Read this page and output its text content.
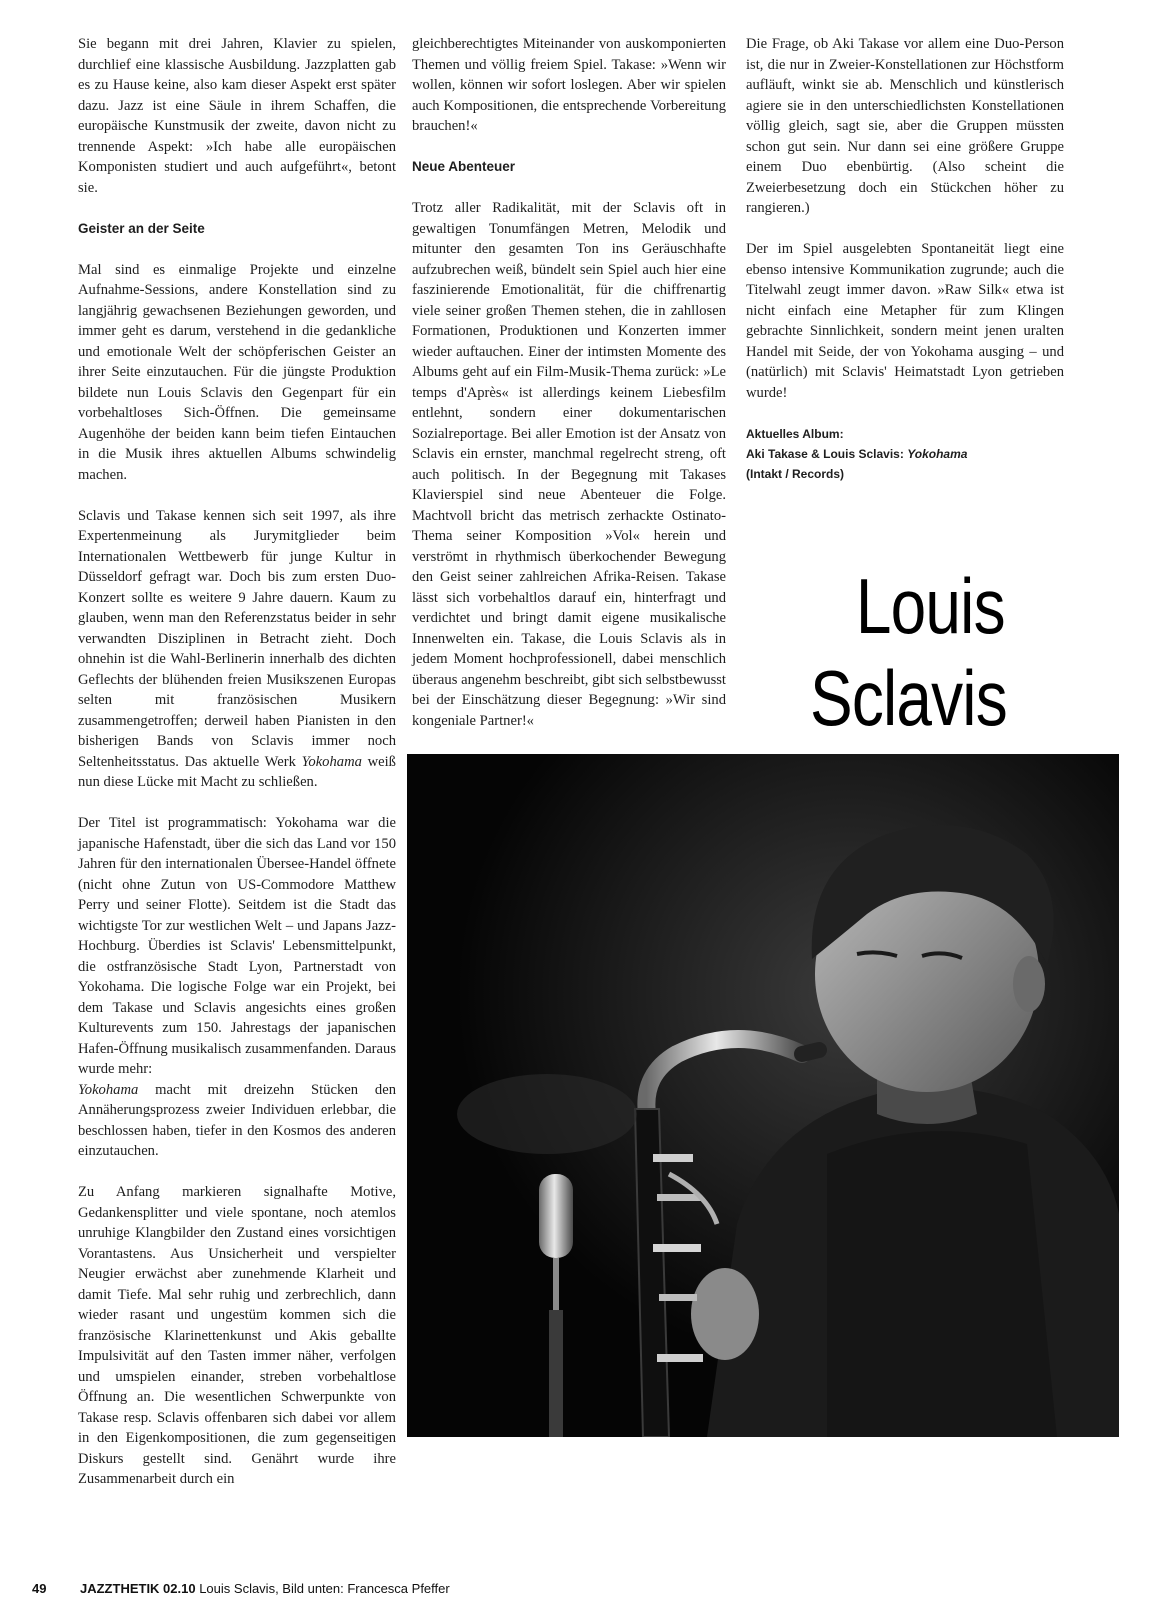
Sie begann mit drei Jahren, Klavier zu spielen, durchlief eine klassische Ausbildung. Jazzplatten gab es zu Hause keine, also kam dieser Aspekt erst später dazu. Jazz ist eine Säule in ihrem Schaffen, die europäische Kunstmusik der zweite, davon nicht zu trennende Aspekt: »Ich habe alle europäischen Komponisten studiert und auch aufgeführt«, betont sie.

Geister an der Seite

Mal sind es einmalige Projekte und einzelne Aufnahme-Sessions, andere Konstellation sind zu langjährig gewachsenen Beziehungen geworden, und immer geht es darum, verstehend in die gedankliche und emotionale Welt der schöpferischen Geister an ihrer Seite einzutauchen. Für die jüngste Produktion bildete nun Louis Sclavis den Gegenpart für ein vorbehaltloses Sich-Öffnen. Die gemeinsame Augenhöhe der beiden kann beim tiefen Eintauchen in die Musik ihres aktuellen Albums schwindelig machen.

Sclavis und Takase kennen sich seit 1997, als ihre Expertenmeinung als Jurymitglieder beim Internationalen Wettbewerb für junge Kultur in Düsseldorf gefragt war. Doch bis zum ersten Duo-Konzert sollte es weitere 9 Jahre dauern. Kaum zu glauben, wenn man den Referenzstatus beider in sehr verwandten Disziplinen in Betracht zieht. Doch ohnehin ist die Wahl-Berlinerin innerhalb des dichten Geflechts der blühenden freien Musikszenen Europas selten mit französischen Musikern zusammengetroffen; derweil haben Pianisten in den bisherigen Bands von Sclavis immer noch Seltenheitsstatus. Das aktuelle Werk Yokohama weiß nun diese Lücke mit Macht zu schließen.

Der Titel ist programmatisch: Yokohama war die japanische Hafenstadt, über die sich das Land vor 150 Jahren für den internationalen Übersee-Handel öffnete (nicht ohne Zutun von US-Commodore Matthew Perry und seiner Flotte). Seitdem ist die Stadt das wichtigste Tor zur westlichen Welt – und Japans Jazz-Hochburg. Überdies ist Sclavis' Lebensmittelpunkt, die ostfranzösische Stadt Lyon, Partnerstadt von Yokohama. Die logische Folge war ein Projekt, bei dem Takase und Sclavis angesichts eines großen Kulturevents zum 150. Jahrestags der japanischen Hafen-Öffnung musikalisch zusammenfanden. Daraus wurde mehr:
Yokohama macht mit dreizehn Stücken den Annäherungsprozess zweier Individuen erlebbar, die beschlossen haben, tiefer in den Kosmos des anderen einzutauchen.

Zu Anfang markieren signalhafte Motive, Gedankensplitter und viele spontane, noch atemlos unruhige Klangbilder den Zustand eines vorsichtigen Vorantastens. Aus Unsicherheit und verspielter Neugier erwächst aber zunehmende Klarheit und damit Tiefe. Mal sehr ruhig und zerbrechlich, dann wieder rasant und ungestüm kommen sich die französische Klarinettenkunst und Akis geballte Impulsivität auf den Tasten immer näher, verfolgen und umspielen einander, streben vorbehaltlose Öffnung an. Die wesentlichen Schwerpunkte von Takase resp. Sclavis offenbaren sich dabei vor allem in den Eigenkompositionen, die zum gegenseitigen Diskurs gestellt sind. Genährt wurde ihre Zusammenarbeit durch ein

gleichberechtigtes Miteinander von auskomponierten Themen und völlig freiem Spiel. Takase: »Wenn wir wollen, können wir sofort loslegen. Aber wir spielen auch Kompositionen, die entsprechende Vorbereitung brauchen!«

Neue Abenteuer

Trotz aller Radikalität, mit der Sclavis oft in gewaltigen Tonumfängen Metren, Melodik und mitunter den gesamten Ton ins Geräuschhafte aufzubrechen weiß, bündelt sein Spiel auch hier eine faszinierende Emotionalität, für die chiffrenartig viele seiner großen Themen stehen, die in zahllosen Formationen, Produktionen und Konzerten immer wieder auftauchen. Einer der intimsten Momente des Albums geht auf ein Film-Musik-Thema zurück: »Le temps d'Après« ist allerdings keinem Liebesfilm entlehnt, sondern einer dokumentarischen Sozialreportage. Bei aller Emotion ist der Ansatz von Sclavis ein ernster, manchmal regelrecht streng, oft auch politisch. In der Begegnung mit Takases Klavierspiel sind neue Abenteuer die Folge. Machtvoll bricht das metrisch zerhackte Ostinato-Thema seiner Komposition »Vol« herein und verströmt in rhythmisch überkochender Bewegung den Geist seiner zahlreichen Afrika-Reisen. Takase lässt sich vorbehaltlos darauf ein, hinterfragt und verdichtet und bringt damit eigene musikalische Innenwelten ein. Takase, die Louis Sclavis als in jedem Moment hochprofessionell, dabei menschlich überaus angenehm beschreibt, gibt sich selbstbewusst bei der Einschätzung dieser Begegnung: »Wir sind kongeniale Partner!«

Die Frage, ob Aki Takase vor allem eine Duo-Person ist, die nur in Zweier-Konstellationen zur Höchstform aufläuft, winkt sie ab. Menschlich und künstlerisch agiere sie in den unterschiedlichsten Konstellationen völlig gleich, sagt sie, aber die Gruppen müssten schon gut sein. Nur dann sei eine größere Gruppe einem Duo ebenbürtig. (Also scheint die Zweierbesetzung doch ein Stückchen höher zu rangieren.)

Der im Spiel ausgelebten Spontaneität liegt eine ebenso intensive Kommunikation zugrunde; auch die Titelwahl zeugt immer davon. »Raw Silk« etwa ist nicht einfach eine Metapher für zum Klingen gebrachte Sinnlichkeit, sondern meint jenen uralten Handel mit Seide, der von Yokohama ausging – und (natürlich) mit Sclavis' Heimatstadt Lyon getrieben wurde!

Aktuelles Album:
Aki Takase & Louis Sclavis: Yokohama
(Intakt / Records)
Louis
Sclavis
49	JAZZTHETIK 02.10 Louis Sclavis, Bild unten: Francesca Pfeffer
